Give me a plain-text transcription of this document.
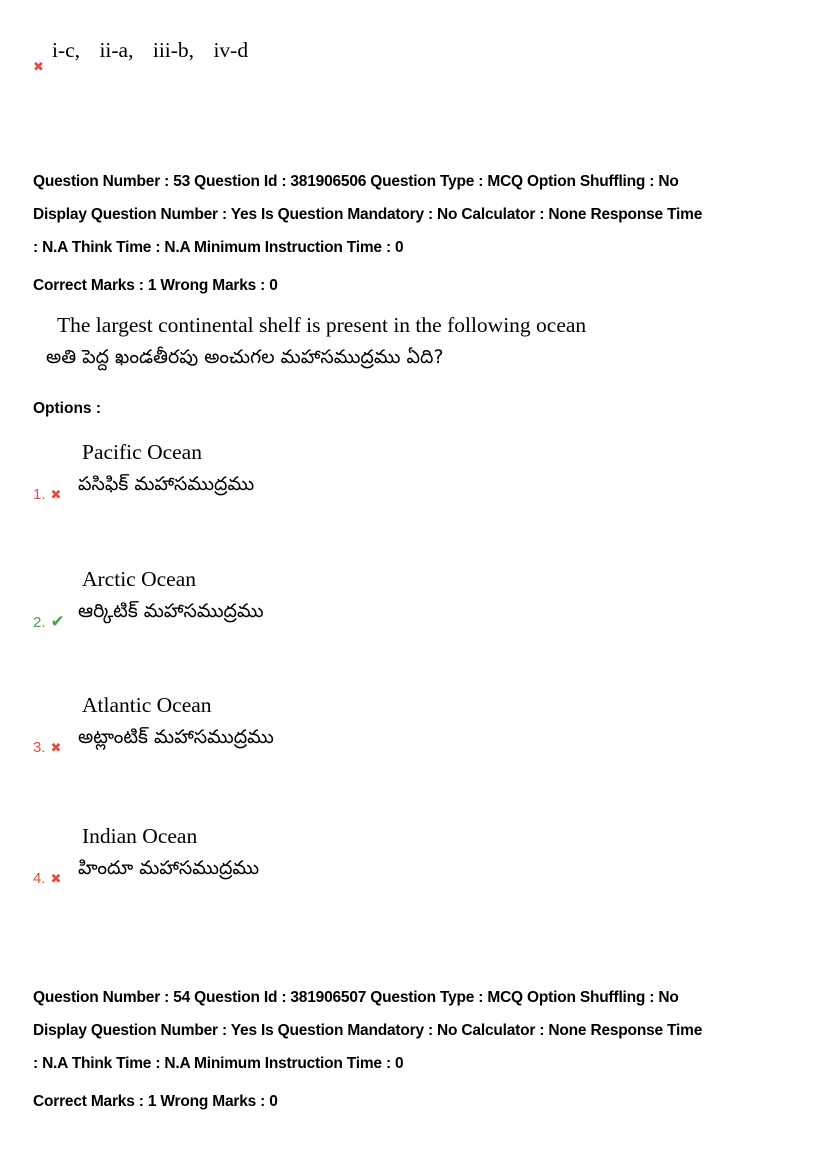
✖
i-c, ii-a, iii-b, iv-d
Question Number : 53 Question Id : 381906506 Question Type : MCQ Option Shuffling : No
Display Question Number : Yes Is Question Mandatory : No Calculator : None Response Time
: N.A Think Time : N.A Minimum Instruction Time : 0
Correct Marks : 1 Wrong Marks : 0
The largest continental shelf is present in the following ocean
అతి పెద్ద ఖండతీరపు అంచుగల మహాసముద్రము ఏది?
Options :
Pacific Ocean
పసిఫిక్ మహాసముద్రము
1. ✖
Arctic Ocean
ఆర్కిటిక్ మహాసముద్రము
2. ✔
Atlantic Ocean
అట్లాంటిక్ మహాసముద్రము
3. ✖
Indian Ocean
హిందూ మహాసముద్రము
4. ✖
Question Number : 54 Question Id : 381906507 Question Type : MCQ Option Shuffling : No
Display Question Number : Yes Is Question Mandatory : No Calculator : None Response Time
: N.A Think Time : N.A Minimum Instruction Time : 0
Correct Marks : 1 Wrong Marks : 0
